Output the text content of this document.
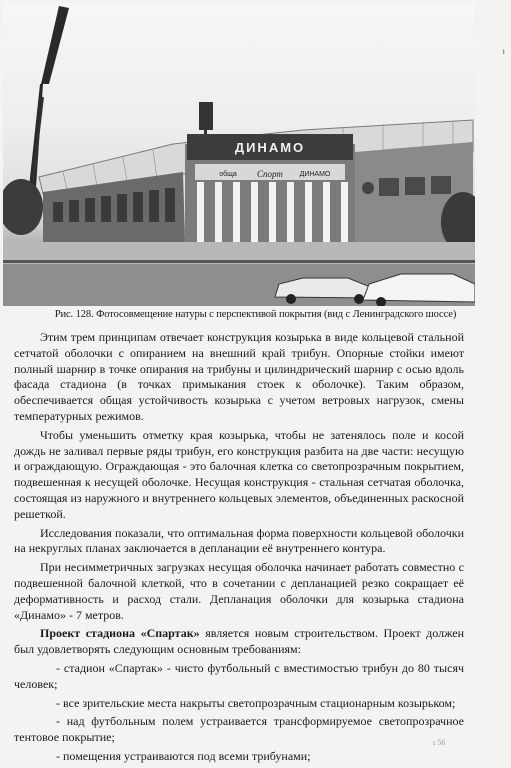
ДИНАМО
обща Спорт ДИНАМО
Рис. 128. Фотосовмещение натуры с перспективой покрытия (вид с Ленинградского шоссе)

Этим трем принципам отвечает конструкция козырька в виде кольцевой стальной сетчатой оболочки с опиранием на внешний край трибун. Опорные стойки имеют полный шарнир в точке опирания на трибуны и цилиндрический шарнир с осью вдоль фасада стадиона (в точках примыкания стоек к оболочке). Таким образом, обеспечивается общая устойчивость козырька с учетом ветровых нагрузок, смены температурных режимов.

Чтобы уменьшить отметку края козырька, чтобы не затенялось поле и косой дождь не заливал первые ряды трибун, его конструкция разбита на две части: несущую и ограждающую. Ограждающая - это балочная клетка со светопрозрачным покрытием, подвешенная к несущей оболочке. Несущая конструкция - стальная сетчатая оболочка, состоящая из наружного и внутреннего кольцевых элементов, объединенных раскосной решеткой.

Исследования показали, что оптимальная форма поверхности кольцевой оболочки на некруглых планах заключается в депланации её внутреннего контура.

При несимметричных загрузках несущая оболочка начинает работать совместно с подвешенной балочной клеткой, что в сочетании с депланацией резко сокращает её деформативность и расход стали. Депланация оболочки для козырька стадиона «Динамо» - 7 метров.

Проект стадиона «Спартак» является новым строительством. Проект должен был удовлетворять следующим основным требованиям:

- стадион «Спартак» - чисто футбольный с вместимостью трибун до 80 тысяч человек;
- все зрительские места накрыты светопрозрачным стационарным козырьком;
- над футбольным полем устраивается трансформируемое светопрозрачное тентовое покрытие;
- помещения устраиваются под всеми трибунами;
ı
ı 56
